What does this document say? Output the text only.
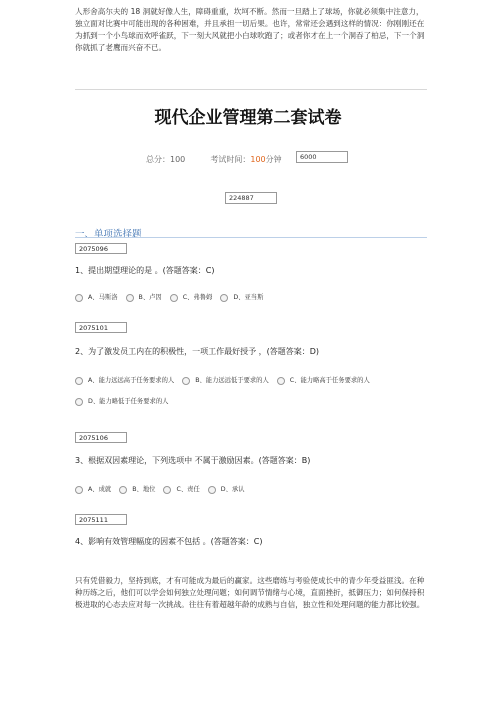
人形舍高尔夫的 18 洞就好像人生，障碍重重，坎坷不断。然而一旦踏上了球场，你就必须集中注意力，独立面对比赛中可能出现的各种困难，并且承担一切后果。也许，常常还会遇到这样的情况：你刚刚还在为抓到一个小鸟球而欢呼雀跃，下一刻大风就把小白球吹跑了；或者你才在上一个洞吞了柏忌，下一个洞你就抓了老鹰而兴奋不已。
现代企业管理第二套试卷
总分：100	考试时间：100分钟	6000
224887
一、单项选择题
2075096
1、提出期望理论的是 。(答题答案：C)
A、马斯洛
	B、卢因
	C、弗鲁姆
	D、亚当斯
2075101
2、为了激发员工内在的积极性，一项工作最好授予 ，(答题答案：D)
A、能力远远高于任务要求的人
	B、能力远远低于要求的人
	C、能力略高于任务要求的人
D、能力略低于任务要求的人
2075106
3、根据双因素理论，下列选项中 不属于激励因素。(答题答案：B)
A、成就
	B、地位
	C、责任
	D、承认
2075111
4、影响有效管理幅度的因素不包括 。(答题答案：C)
只有凭借毅力，坚持到底，才有可能成为最后的赢家。这些磨练与考验使成长中的青少年受益匪浅。在种种历练之后，他们可以学会如何独立处理问题；如何调节情绪与心境，直面挫折，抵御压力；如何保持积极进取的心态去应对每一次挑战。往往有着超越年龄的成熟与自信，独立性和处理问题的能力都比较强。
